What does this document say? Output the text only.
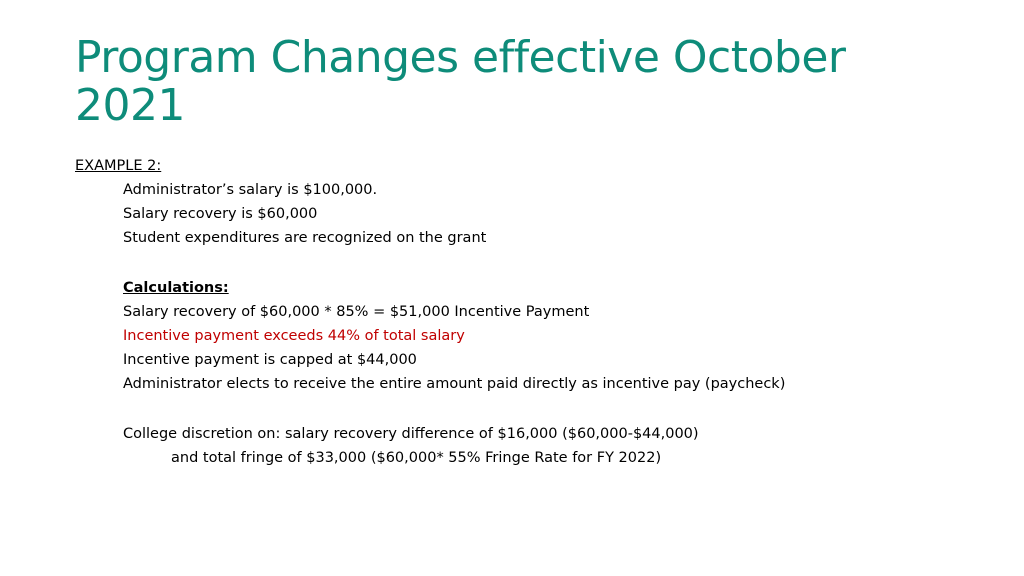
Program Changes effective October 2021
EXAMPLE 2:
Administrator’s salary is $100,000.
Salary recovery is $60,000
Student expenditures are recognized on the grant
Calculations:
Salary recovery of $60,000 * 85% = $51,000 Incentive Payment
Incentive payment exceeds 44% of total salary
Incentive payment is capped at $44,000
Administrator elects to receive the entire amount paid directly as incentive pay (paycheck)
College discretion on: salary recovery difference of $16,000 ($60,000-$44,000)
and total fringe of $33,000 ($60,000* 55% Fringe Rate for FY 2022)
